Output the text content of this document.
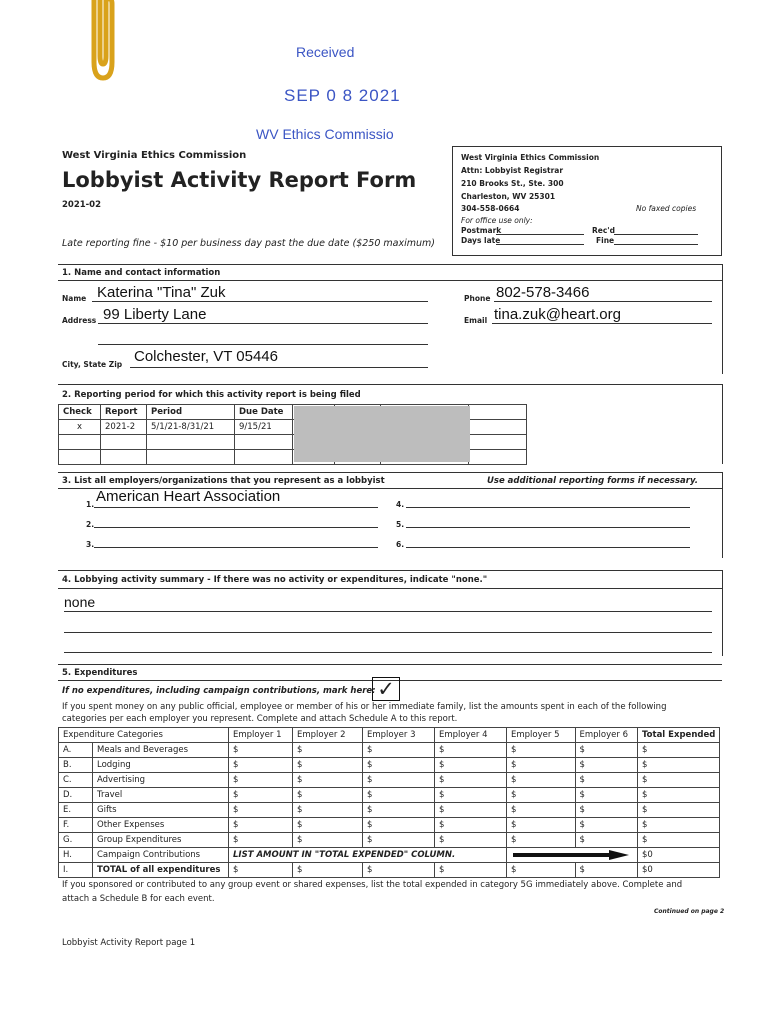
Received
SEP 0 8 2021
WV Ethics Commissio
West Virginia Ethics Commission
Lobbyist Activity Report Form
2021-02
Late reporting fine - $10 per business day past the due date ($250 maximum)
West Virginia Ethics Commission
Attn: Lobbyist Registrar
210 Brooks St., Ste. 300
Charleston, WV 25301
304-558-0664	No faxed copies
For office use only:
Postmark	Rec'd
Days late	Fine
1. Name and contact information
Name Katerina "Tina" Zuk
Address 99 Liberty Lane
City, State Zip Colchester, VT 05446
Phone 802-578-3466
Email tina.zuk@heart.org
2. Reporting period for which this activity report is being filed
Check	Report	Period	Due Date				
x	2021-2	5/1/21-8/31/21	9/15/21				

3. List all employers/organizations that you represent as a lobbyist	Use additional reporting forms if necessary.
1. American Heart Association
2.
3.
4.
5.
6.
4. Lobbying activity summary - If there was no activity or expenditures, indicate "none."
none
5. Expenditures
If no expenditures, including campaign contributions, mark here: ✓
If you spent money on any public official, employee or member of his or her immediate family, list the amounts spent in each of the following
categories per each employer you represent. Complete and attach Schedule A to this report.
Expenditure Categories		Employer 1	Employer 2	Employer 3	Employer 4	Employer 5	Employer 6	Total Expended
A.	Meals and Beverages	$	$	$	$	$	$	$
B.	Lodging	$	$	$	$	$	$	$
C.	Advertising	$	$	$	$	$	$	$
D.	Travel	$	$	$	$	$	$	$
E.	Gifts	$	$	$	$	$	$	$
F.	Other Expenses	$	$	$	$	$	$	$
G.	Group Expenditures	$	$	$	$	$	$	$
H.	Campaign Contributions	LIST AMOUNT IN "TOTAL EXPENDED" COLUMN.						$0
I.	TOTAL of all expenditures	$	$	$	$	$	$	$0
If you sponsored or contributed to any group event or shared expenses, list the total expended in category 5G immediately above. Complete and
attach a Schedule B for each event.
Continued on page 2
Lobbyist Activity Report page 1
